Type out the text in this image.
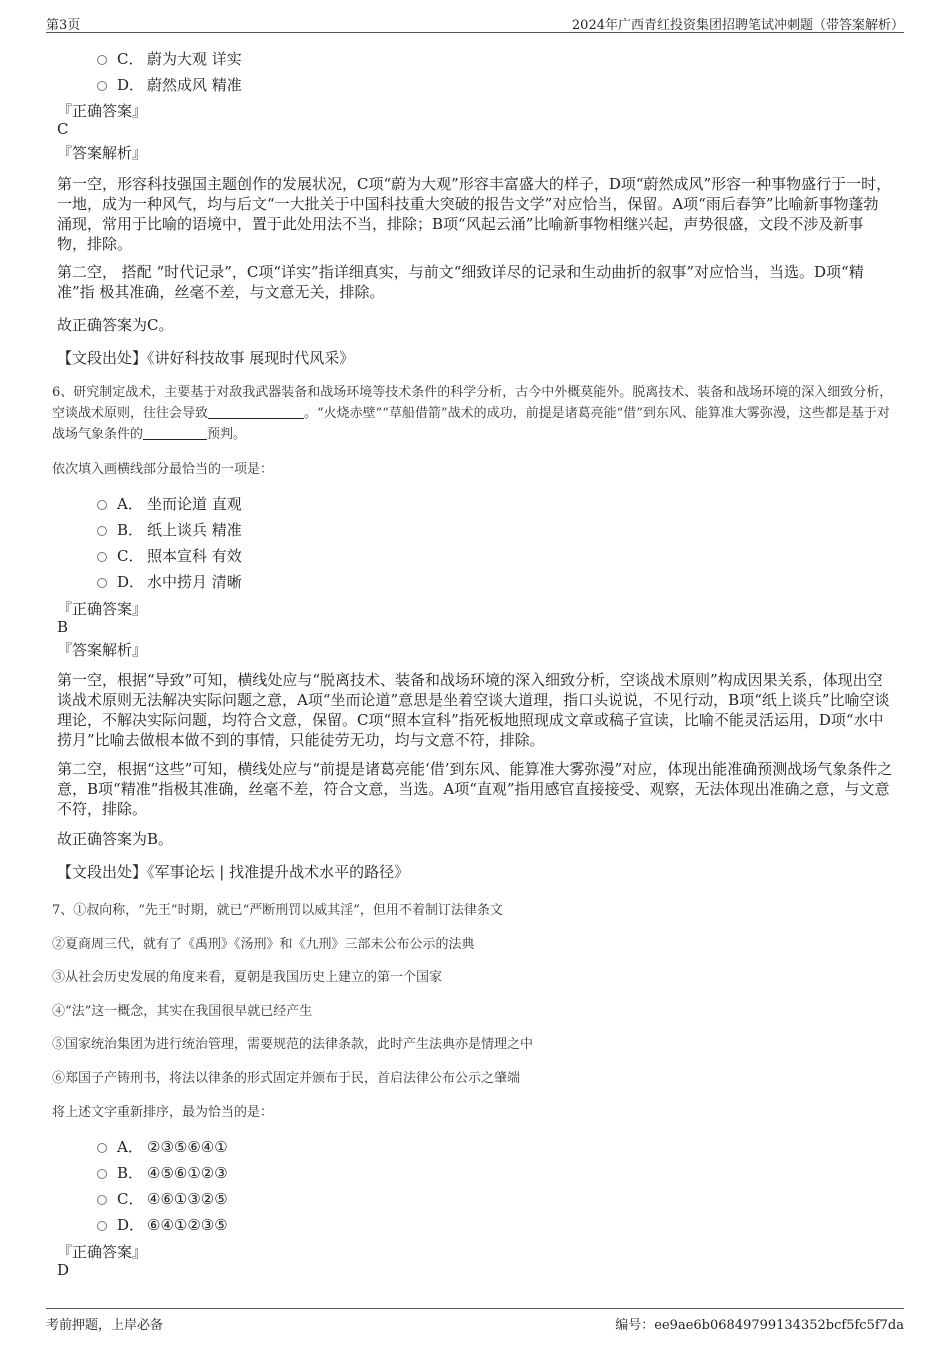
第3页	2024年广西青红投资集团招聘笔试冲刺题（带答案解析）
C． 蔚为大观 详实
D． 蔚然成风 精准
『正确答案』
C
『答案解析』
第一空，形容科技强国主题创作的发展状况，C项“蔚为大观”形容丰富盛大的样子，D项“蔚然成风”形容一种事物盛行于一时，一地，成为一种风气，均与后文“一大批关于中国科技重大突破的报告文学”对应恰当，保留。A项“雨后春笋”比喻新事物蓬勃涌现，常用于比喻的语境中，置于此处用法不当，排除；B项“风起云涌”比喻新事物相继兴起，声势很盛，文段不涉及新事物，排除。
第二空， 搭配 “时代记录”，C项“详实”指详细真实，与前文“细致详尽的记录和生动曲折的叙事”对应恰当，当选。D项“精准”指 极其准确，丝毫不差，与文意无关，排除。
故正确答案为C。
【文段出处】《讲好科技故事 展现时代风采》
6、研究制定战术，主要基于对敌我武器装备和战场环境等技术条件的科学分析，古今中外概莫能外。脱离技术、装备和战场环境的深入细致分析，空谈战术原则，往往会导致	。“火烧赤壁”“草船借箭”战术的成功，前提是诸葛亮能“借”到东风、能算准大雾弥漫，这些都是基于对战场气象条件的	预判。
依次填入画横线部分最恰当的一项是：
A． 坐而论道 直观
B． 纸上谈兵 精准
C． 照本宣科 有效
D． 水中捞月 清晰
『正确答案』
B
『答案解析』
第一空，根据“导致”可知，横线处应与“脱离技术、装备和战场环境的深入细致分析，空谈战术原则”构成因果关系，体现出空谈战术原则无法解决实际问题之意，A项“坐而论道”意思是坐着空谈大道理，指口头说说，不见行动，B项“纸上谈兵”比喻空谈理论，不解决实际问题，均符合文意，保留。C项“照本宣科”指死板地照现成文章或稿子宣读，比喻不能灵活运用，D项“水中捞月”比喻去做根本做不到的事情，只能徒劳无功，均与文意不符，排除。
第二空，根据“这些”可知，横线处应与“前提是诸葛亮能‘借’到东风、能算准大雾弥漫”对应，体现出能准确预测战场气象条件之意，B项“精准”指极其准确，丝毫不差，符合文意，当选。A项“直观”指用感官直接接受、观察，无法体现出准确之意，与文意不符，排除。
故正确答案为B。
【文段出处】《军事论坛 | 找准提升战术水平的路径》
7、①叔向称，“先王”时期，就已“严断刑罚以威其淫”，但用不着制订法律条文
②夏商周三代，就有了《禹刑》《汤刑》和《九刑》三部未公布公示的法典
③从社会历史发展的角度来看，夏朝是我国历史上建立的第一个国家
④“法”这一概念，其实在我国很早就已经产生
⑤国家统治集团为进行统治管理，需要规范的法律条款，此时产生法典亦是情理之中
⑥郑国子产铸刑书，将法以律条的形式固定并颁布于民，首启法律公布公示之肇端
将上述文字重新排序，最为恰当的是：
A． ②③⑤⑥④①
B． ④⑤⑥①②③
C． ④⑥①③②⑤
D． ⑥④①②③⑤
『正确答案』
D
考前押题，上岸必备	编号：ee9ae6b06849799134352bcf5fc5f7da
